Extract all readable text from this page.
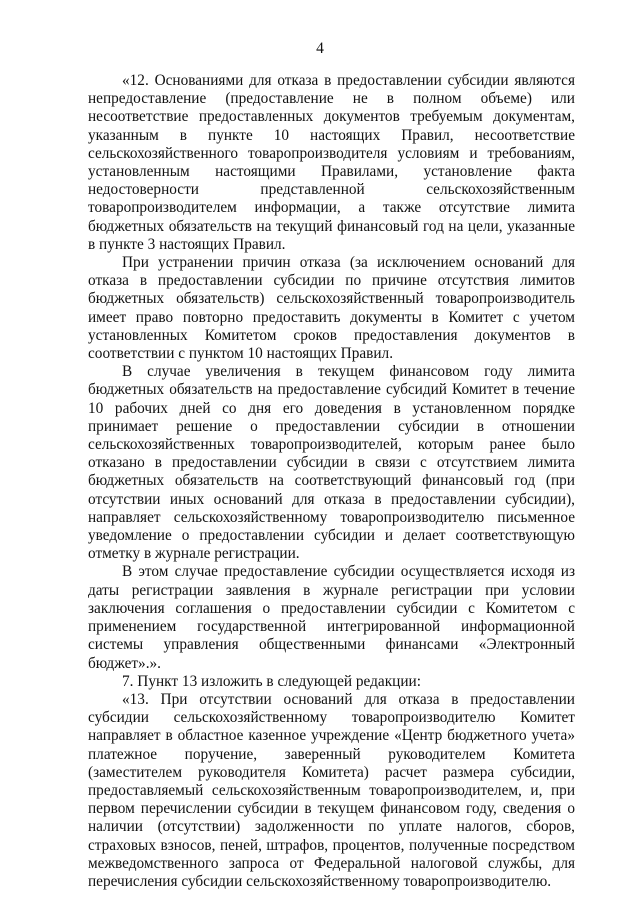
4

«12. Основаниями для отказа в предоставлении субсидии являются непредоставление (предоставление не в полном объеме) или несоответствие предоставленных документов требуемым документам, указанным в пункте 10 настоящих Правил, несоответствие сельскохозяйственного товаропроизводителя условиям и требованиям, установленным настоящими Правилами, установление факта недостоверности представленной сельскохозяйственным товаропроизводителем информации, а также отсутствие лимита бюджетных обязательств на текущий финансовый год на цели, указанные в пункте 3 настоящих Правил.

При устранении причин отказа (за исключением оснований для отказа в предоставлении субсидии по причине отсутствия лимитов бюджетных обязательств) сельскохозяйственный товаропроизводитель имеет право повторно предоставить документы в Комитет с учетом установленных Комитетом сроков предоставления документов в соответствии с пунктом 10 настоящих Правил.

В случае увеличения в текущем финансовом году лимита бюджетных обязательств на предоставление субсидий Комитет в течение 10 рабочих дней со дня его доведения в установленном порядке принимает решение о предоставлении субсидии в отношении сельскохозяйственных товаропроизводителей, которым ранее было отказано в предоставлении субсидии в связи с отсутствием лимита бюджетных обязательств на соответствующий финансовый год (при отсутствии иных оснований для отказа в предоставлении субсидии), направляет сельскохозяйственному товаропроизводителю письменное уведомление о предоставлении субсидии и делает соответствующую отметку в журнале регистрации.

В этом случае предоставление субсидии осуществляется исходя из даты регистрации заявления в журнале регистрации при условии заключения соглашения о предоставлении субсидии с Комитетом с применением государственной интегрированной информационной системы управления общественными финансами «Электронный бюджет».».

7. Пункт 13 изложить в следующей редакции:

«13. При отсутствии оснований для отказа в предоставлении субсидии сельскохозяйственному товаропроизводителю Комитет направляет в областное казенное учреждение «Центр бюджетного учета» платежное поручение, заверенный руководителем Комитета (заместителем руководителя Комитета) расчет размера субсидии, предоставляемый сельскохозяйственным товаропроизводителем, и, при первом перечислении субсидии в текущем финансовом году, сведения о наличии (отсутствии) задолженности по уплате налогов, сборов, страховых взносов, пеней, штрафов, процентов, полученные посредством межведомственного запроса от Федеральной налоговой службы, для перечисления субсидии сельскохозяйственному товаропроизводителю.
